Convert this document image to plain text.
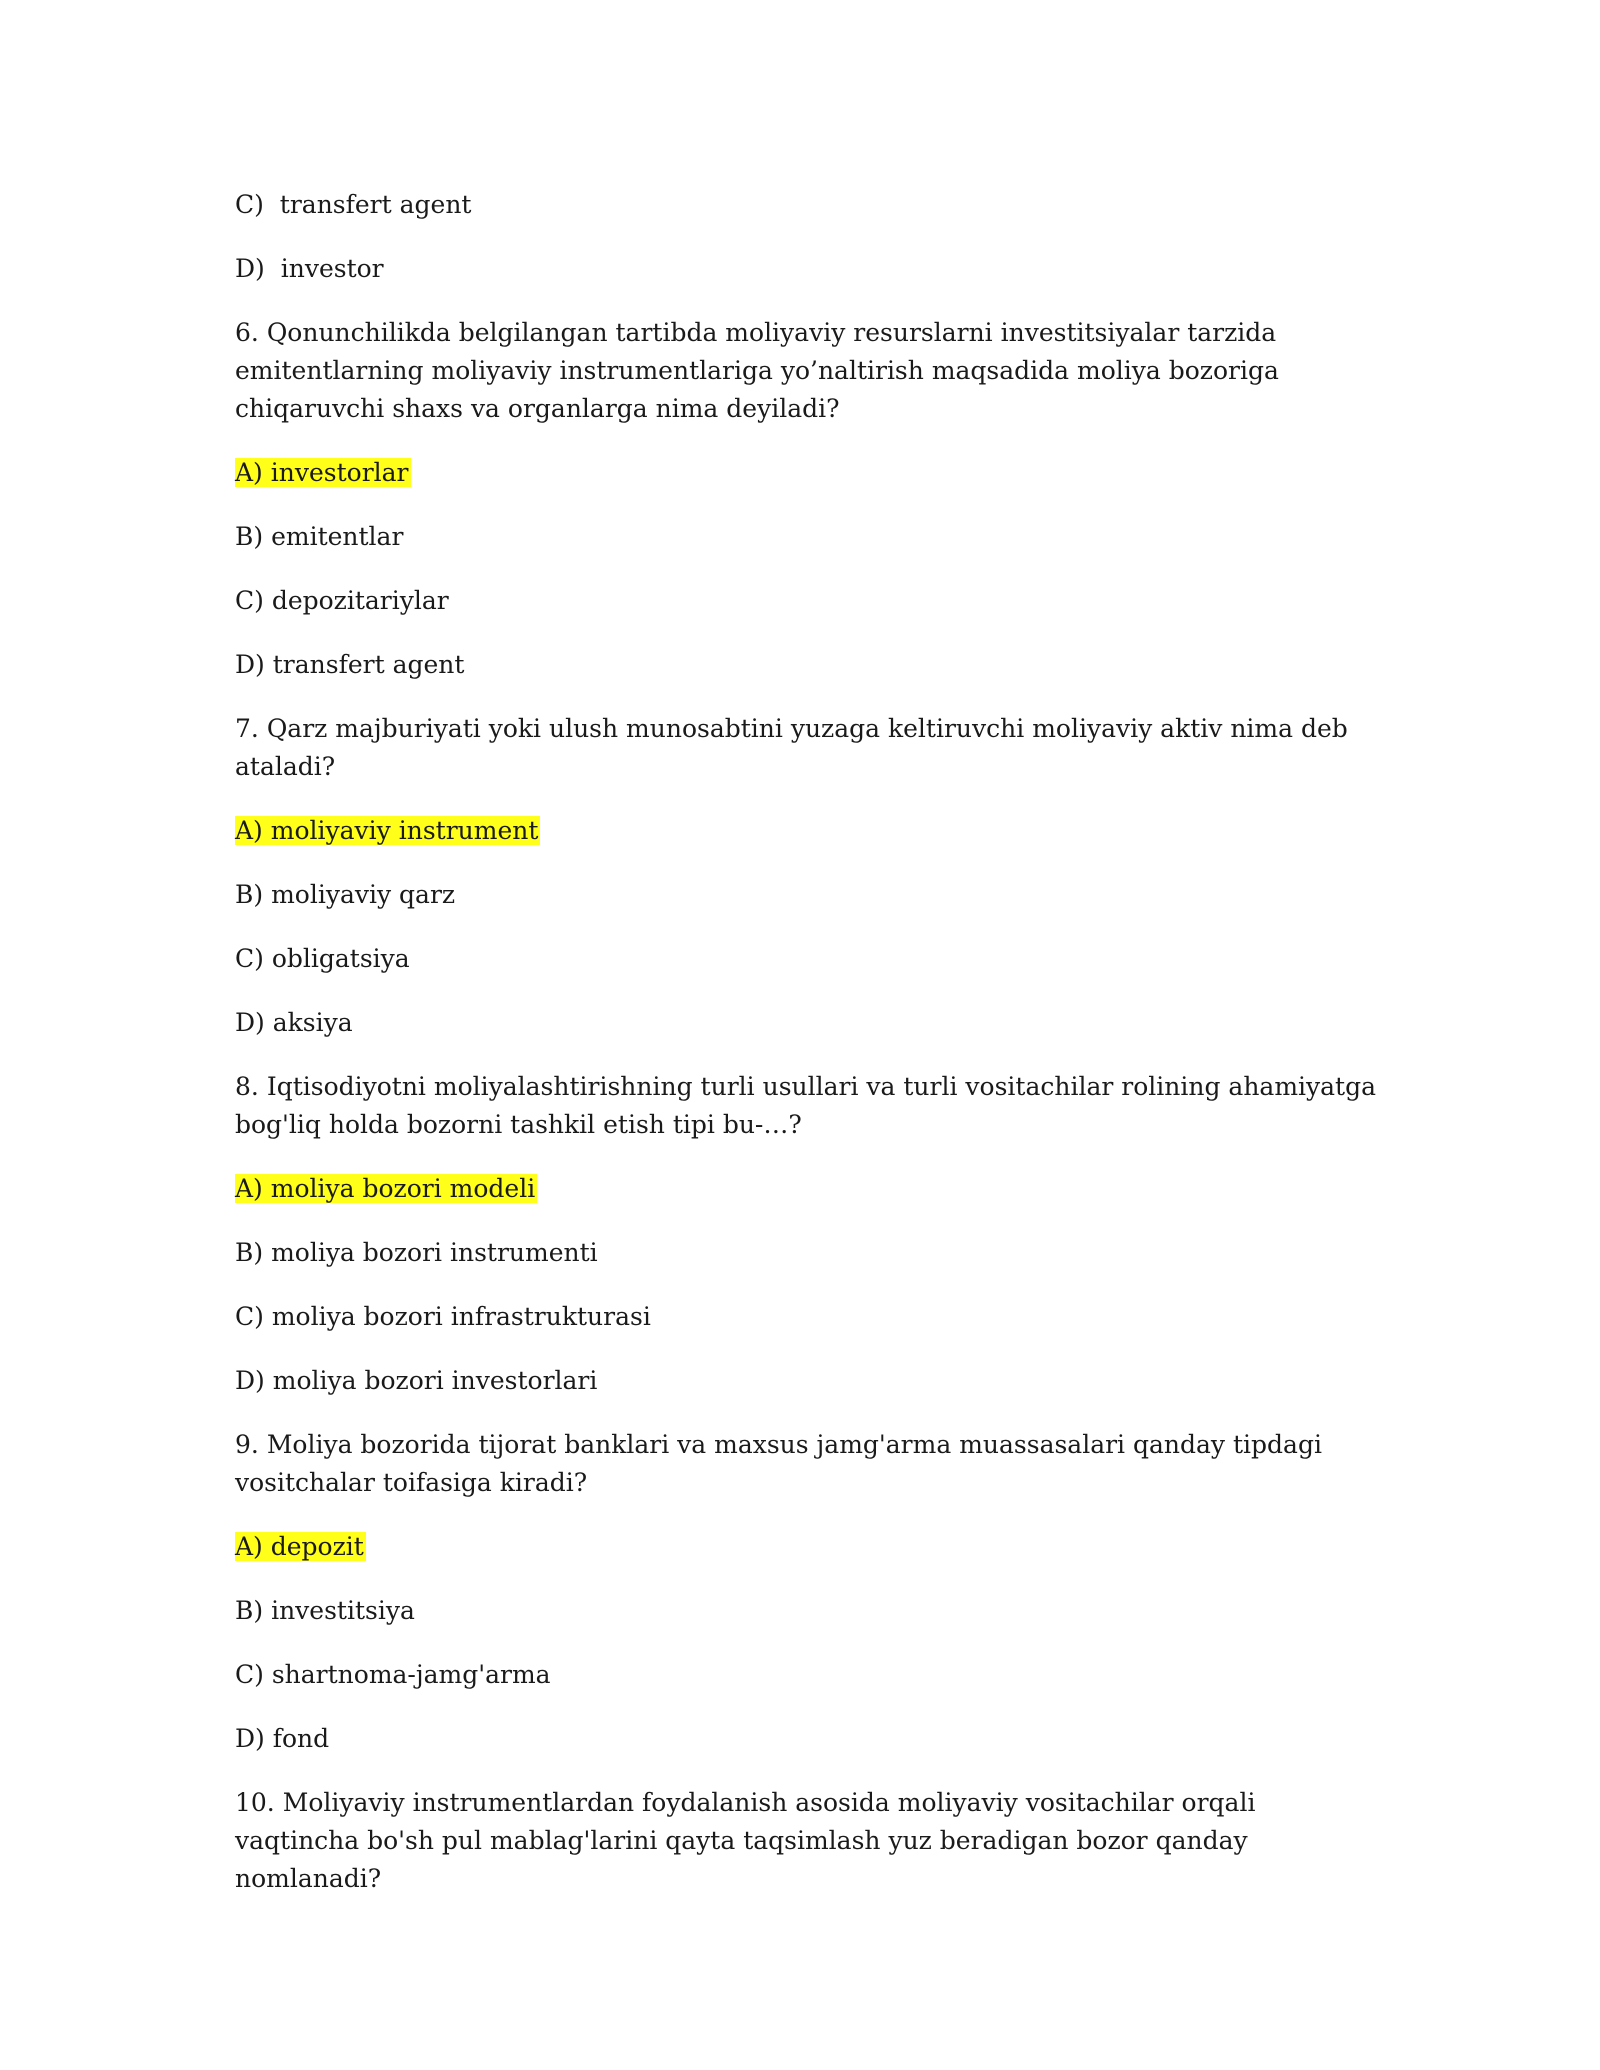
C) transfert agent
D) investor
6. Qonunchilikda belgilangan tartibda moliyaviy resurslarni investitsiyalar tarzida emitentlarning moliyaviy instrumentlariga yo’naltirish maqsadida moliya bozoriga chiqaruvchi shaxs va organlarga nima deyiladi?
A) investorlar
B) emitentlar
C) depozitariylar
D) transfert agent
7. Qarz majburiyati yoki ulush munosabtini yuzaga keltiruvchi moliyaviy aktiv nima deb ataladi?
A) moliyaviy instrument
B) moliyaviy qarz
C) obligatsiya
D) aksiya
8. Iqtisodiyotni moliyalashtirishning turli usullari va turli vositachilar rolining ahamiyatga bog'liq holda bozorni tashkil etish tipi bu-…?
A) moliya bozori modeli
B) moliya bozori instrumenti
C) moliya bozori infrastrukturasi
D) moliya bozori investorlari
9. Moliya bozorida tijorat banklari va maxsus jamg'arma muassasalari qanday tipdagi vositchalar toifasiga kiradi?
A) depozit
B) investitsiya
C) shartnoma-jamg'arma
D) fond
10. Moliyaviy instrumentlardan foydalanish asosida moliyaviy vositachilar orqali vaqtincha bo'sh pul mablag'larini qayta taqsimlash yuz beradigan bozor qanday nomlanadi?
